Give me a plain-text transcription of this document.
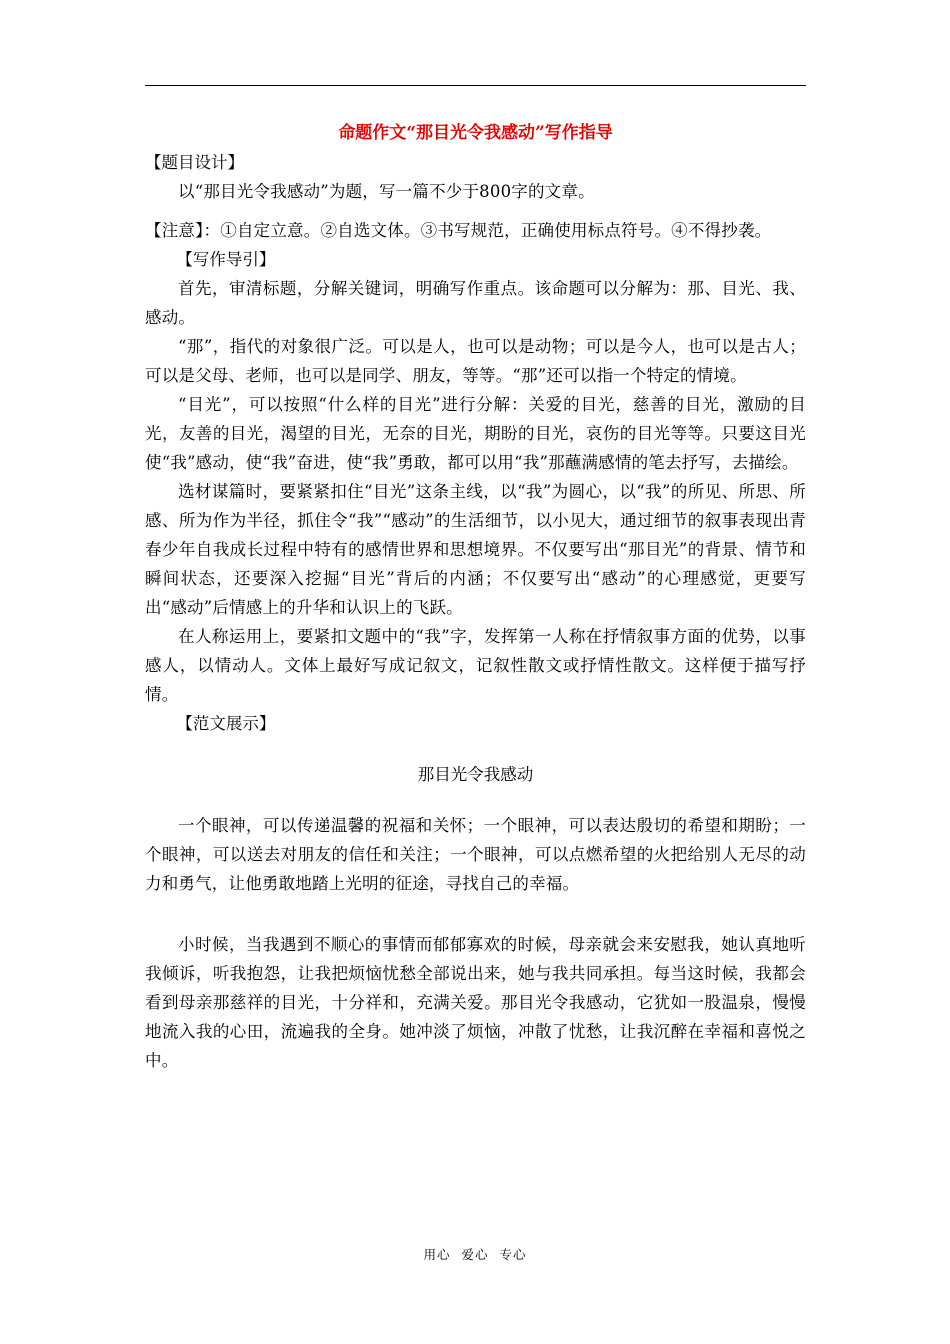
命题作文“那目光令我感动”写作指导

【题目设计】

以“那目光令我感动”为题，写一篇不少于800字的文章。

【注意】：①自定立意。②自选文体。③书写规范，正确使用标点符号。④不得抄袭。

【写作导引】

首先，审清标题，分解关键词，明确写作重点。该命题可以分解为：那、目光、我、感动。

“那”，指代的对象很广泛。可以是人，也可以是动物；可以是今人，也可以是古人；可以是父母、老师，也可以是同学、朋友，等等。“那”还可以指一个特定的情境。

“目光”，可以按照“什么样的目光”进行分解：关爱的目光，慈善的目光，激励的目光，友善的目光，渴望的目光，无奈的目光，期盼的目光，哀伤的目光等等。只要这目光使“我”感动，使“我”奋进，使“我”勇敢，都可以用“我”那蘸满感情的笔去抒写，去描绘。

选材谋篇时，要紧紧扣住“目光”这条主线，以“我”为圆心，以“我”的所见、所思、所感、所为作为半径，抓住令“我”“感动”的生活细节，以小见大，通过细节的叙事表现出青春少年自我成长过程中特有的感情世界和思想境界。不仅要写出“那目光”的背景、情节和瞬间状态，还要深入挖掘“目光”背后的内涵；不仅要写出“感动”的心理感觉，更要写出“感动”后情感上的升华和认识上的飞跃。

在人称运用上，要紧扣文题中的“我”字，发挥第一人称在抒情叙事方面的优势，以事感人，以情动人。文体上最好写成记叙文，记叙性散文或抒情性散文。这样便于描写抒情。

【范文展示】

那目光令我感动

一个眼神，可以传递温馨的祝福和关怀；一个眼神，可以表达殷切的希望和期盼；一个眼神，可以送去对朋友的信任和关注；一个眼神，可以点燃希望的火把给别人无尽的动力和勇气，让他勇敢地踏上光明的征途，寻找自己的幸福。

小时候，当我遇到不顺心的事情而郁郁寡欢的时候，母亲就会来安慰我，她认真地听我倾诉，听我抱怨，让我把烦恼忧愁全部说出来，她与我共同承担。每当这时候，我都会看到母亲那慈祥的目光，十分祥和，充满关爱。那目光令我感动，它犹如一股温泉，慢慢地流入我的心田，流遍我的全身。她冲淡了烦恼，冲散了忧愁，让我沉醉在幸福和喜悦之中。

用心 爱心 专心
